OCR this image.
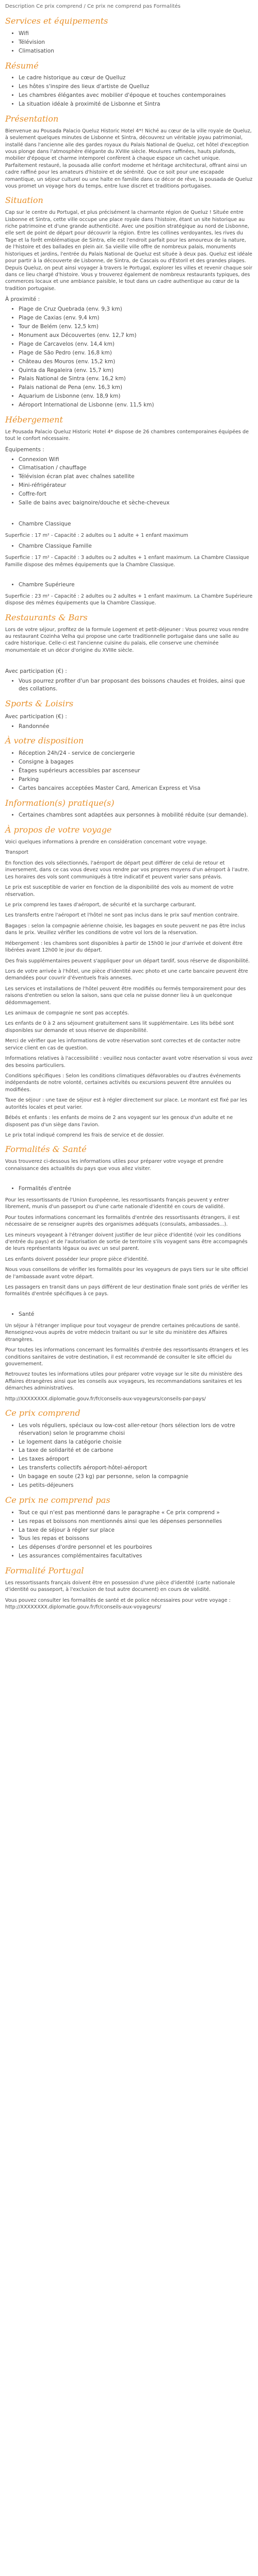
Description Ce prix comprend / Ce prix ne comprend pas Formalités
Services et équipements
• Wifi
• Télévision
• Climatisation
Résumé
• Le cadre historique au cœur de Quelluz
• Les hôtes s'inspire des lieux d'artiste de Quelluz
• Les chambres élégantes avec mobilier d'époque et touches contemporaines
• La situation idéale à proximité de Lisbonne et Sintra
Présentation

Bienvenue au Pousada Palacio Queluz Historic Hotel 4*! Niché au cœur de la ville royale de Queluz, à seulement quelques minutes de Lisbonne et Sintra, découvrez un véritable joyau patrimonial, installé dans l'ancienne aile des gardes royaux du Palais National de Queluz, cet hôtel d'exception vous plonge dans l'atmosphère élégante du XVIIIe siècle. Moulures raffinées, hauts plafonds, mobilier d'époque et charme intemporel confèrent à chaque espace un cachet unique. Parfaitement restauré, la pousada allie confort moderne et héritage architectural, offrant ainsi un cadre raffiné pour les amateurs d'histoire et de sérénité. Que ce soit pour une escapade romantique, un séjour culturel ou une halte en famille dans ce décor de rêve, la pousada de Queluz vous promet un voyage hors du temps, entre luxe discret et traditions portugaises.

Situation

Cap sur le centre du Portugal, et plus précisément la charmante région de Queluz ! Située entre Lisbonne et Sintra, cette ville occupe une place royale dans l'histoire, étant un site historique au riche patrimoine et d'une grande authenticité. Avec une position stratégique au nord de Lisbonne, elle sert de point de départ pour découvrir la région. Entre les collines verdoyantes, les rives du Tage et la forêt emblématique de Sintra, elle est l'endroit parfait pour les amoureux de la nature, de l'histoire et des ballades en plein air. Sa vieille ville offre de nombreux palais, monuments historiques et jardins, l'entrée du Palais National de Queluz est située à deux pas. Queluz est idéale pour partir à la découverte de Lisbonne, de Sintra, de Cascais ou d'Estoril et des grandes plages. Depuis Queluz, on peut ainsi voyager à travers le Portugal, explorer les villes et revenir chaque soir dans ce lieu chargé d'histoire. Vous y trouverez également de nombreux restaurants typiques, des commerces locaux et une ambiance paisible, le tout dans un cadre authentique au cœur de la tradition portugaise.

À proximité :

• Plage de Cruz Quebrada (env. 9,3 km)
• Plage de Caxias (env. 9,4 km)
• Tour de Belém (env. 12,5 km)
• Monument aux Découvertes (env. 12,7 km)
• Plage de Carcavelos (env. 14,4 km)
• Plage de São Pedro (env. 16,8 km)
• Château des Mouros (env. 15,2 km)
• Quinta da Regaleira (env. 15,7 km)
• Palais National de Sintra (env. 16,2 km)
• Palais national de Pena (env. 16,3 km)
• Aquarium de Lisbonne (env. 18,9 km)
• Aéroport International de Lisbonne (env. 11,5 km)
Hébergement

Le Pousada Palacio Queluz Historic Hotel 4* dispose de 26 chambres contemporaines équipées de tout le confort nécessaire.

Équipements :

• Connexion Wifi
• Climatisation / chauffage
• Télévision écran plat avec chaînes satellite
• Mini-réfrigérateur
• Coffre-fort
• Salle de bains avec baignoire/douche et sèche-cheveux
• Chambre Classique

Superficie : 17 m² - Capacité : 2 adultes ou 1 adulte + 1 enfant maximum

• Chambre Classique Famille

Superficie : 17 m² - Capacité : 3 adultes ou 2 adultes + 1 enfant maximum. La Chambre Classique Famille dispose des mêmes équipements que la Chambre Classique.

• Chambre Supérieure

Superficie : 23 m² - Capacité : 2 adultes ou 2 adultes + 1 enfant maximum. La Chambre Supérieure dispose des mêmes équipements que la Chambre Classique.

Restaurants & Bars

Lors de votre séjour, profitez de la formule Logement et petit-déjeuner : Vous pourrez vous rendre au restaurant Cozinha Velha qui propose une carte traditionnelle portugaise dans une salle au cadre historique. Celle-ci est l'ancienne cuisine du palais, elle conserve une cheminée monumentale et un décor d'origine du XVIIIe siècle.

Avec participation (€) :

• Vous pourrez profiter d'un bar proposant des boissons chaudes et froides, ainsi que des collations.
Sports & Loisirs

Avec participation (€) :

• Randonnée
À votre disposition
• Réception 24h/24 - service de conciergerie
• Consigne à bagages
• Étages supérieurs accessibles par ascenseur
• Parking
• Cartes bancaires acceptées Master Card, American Express et Visa
Information(s) pratique(s)
• Certaines chambres sont adaptées aux personnes à mobilité réduite (sur demande).
À propos de votre voyage

Voici quelques informations à prendre en considération concernant votre voyage.

Transport

En fonction des vols sélectionnés, l'aéroport de départ peut différer de celui de retour et inversement, dans ce cas vous devez vous rendre par vos propres moyens d'un aéroport à l'autre. Les horaires des vols sont communiqués à titre indicatif et peuvent varier sans préavis.

Le prix est susceptible de varier en fonction de la disponibilité des vols au moment de votre réservation.

Le prix comprend les taxes d'aéroport, de sécurité et la surcharge carburant.

Les transferts entre l'aéroport et l'hôtel ne sont pas inclus dans le prix sauf mention contraire.

Bagages : selon la compagnie aérienne choisie, les bagages en soute peuvent ne pas être inclus dans le prix. Veuillez vérifier les conditions de votre vol lors de la réservation.

Hébergement : les chambres sont disponibles à partir de 15h00 le jour d'arrivée et doivent être libérées avant 12h00 le jour du départ.

Des frais supplémentaires peuvent s'appliquer pour un départ tardif, sous réserve de disponibilité.

Lors de votre arrivée à l'hôtel, une pièce d'identité avec photo et une carte bancaire peuvent être demandées pour couvrir d'éventuels frais annexes.

Les services et installations de l'hôtel peuvent être modifiés ou fermés temporairement pour des raisons d'entretien ou selon la saison, sans que cela ne puisse donner lieu à un quelconque dédommagement.

Les animaux de compagnie ne sont pas acceptés.

Les enfants de 0 à 2 ans séjournent gratuitement sans lit supplémentaire. Les lits bébé sont disponibles sur demande et sous réserve de disponibilité.

Merci de vérifier que les informations de votre réservation sont correctes et de contacter notre service client en cas de question.

Informations relatives à l'accessibilité : veuillez nous contacter avant votre réservation si vous avez des besoins particuliers.

Conditions spécifiques : Selon les conditions climatiques défavorables ou d'autres événements indépendants de notre volonté, certaines activités ou excursions peuvent être annulées ou modifiées.

Taxe de séjour : une taxe de séjour est à régler directement sur place. Le montant est fixé par les autorités locales et peut varier.

Bébés et enfants : les enfants de moins de 2 ans voyagent sur les genoux d'un adulte et ne disposent pas d'un siège dans l'avion.

Le prix total indiqué comprend les frais de service et de dossier.

Formalités & Santé

Vous trouverez ci-dessous les informations utiles pour préparer votre voyage et prendre connaissance des actualités du pays que vous allez visiter.

• Formalités d'entrée

Pour les ressortissants de l'Union Européenne, les ressortissants français peuvent y entrer librement, munis d'un passeport ou d'une carte nationale d'identité en cours de validité.

Pour toutes informations concernant les formalités d'entrée des ressortissants étrangers, il est nécessaire de se renseigner auprès des organismes adéquats (consulats, ambassades...).

Les mineurs voyageant à l'étranger doivent justifier de leur pièce d'identité (voir les conditions d'entrée du pays) et de l'autorisation de sortie de territoire s'ils voyagent sans être accompagnés de leurs représentants légaux ou avec un seul parent.

Les enfants doivent posséder leur propre pièce d'identité.

Nous vous conseillons de vérifier les formalités pour les voyageurs de pays tiers sur le site officiel de l'ambassade avant votre départ.

Les passagers en transit dans un pays différent de leur destination finale sont priés de vérifier les formalités d'entrée spécifiques à ce pays.

• Santé

Un séjour à l'étranger implique pour tout voyageur de prendre certaines précautions de santé. Renseignez-vous auprès de votre médecin traitant ou sur le site du ministère des Affaires étrangères.

Pour toutes les informations concernant les formalités d'entrée des ressortissants étrangers et les conditions sanitaires de votre destination, il est recommandé de consulter le site officiel du gouvernement.

Retrouvez toutes les informations utiles pour préparer votre voyage sur le site du ministère des Affaires étrangères ainsi que les conseils aux voyageurs, les recommandations sanitaires et les démarches administratives.

http://XXXXXXXX.diplomatie.gouv.fr/fr/conseils-aux-voyageurs/conseils-par-pays/

Ce prix comprend
• Les vols réguliers, spéciaux ou low-cost aller-retour (hors sélection lors de votre réservation) selon le programme choisi
• Le logement dans la catégorie choisie
• La taxe de solidarité et de carbone
• Les taxes aéroport
• Les transferts collectifs aéroport-hôtel-aéroport
• Un bagage en soute (23 kg) par personne, selon la compagnie
• Les petits-déjeuners
Ce prix ne comprend pas
• Tout ce qui n'est pas mentionné dans le paragraphe « Ce prix comprend »
• Les repas et boissons non mentionnés ainsi que les dépenses personnelles
• La taxe de séjour à régler sur place
• Tous les repas et boissons
• Les dépenses d'ordre personnel et les pourboires
• Les assurances complémentaires facultatives
Formalité Portugal

Les ressortissants français doivent être en possession d'une pièce d'identité (carte nationale d'identité ou passeport, à l'exclusion de tout autre document) en cours de validité.

Vous pouvez consulter les formalités de santé et de police nécessaires pour votre voyage : http://XXXXXXXX.diplomatie.gouv.fr/fr/conseils-aux-voyageurs/
